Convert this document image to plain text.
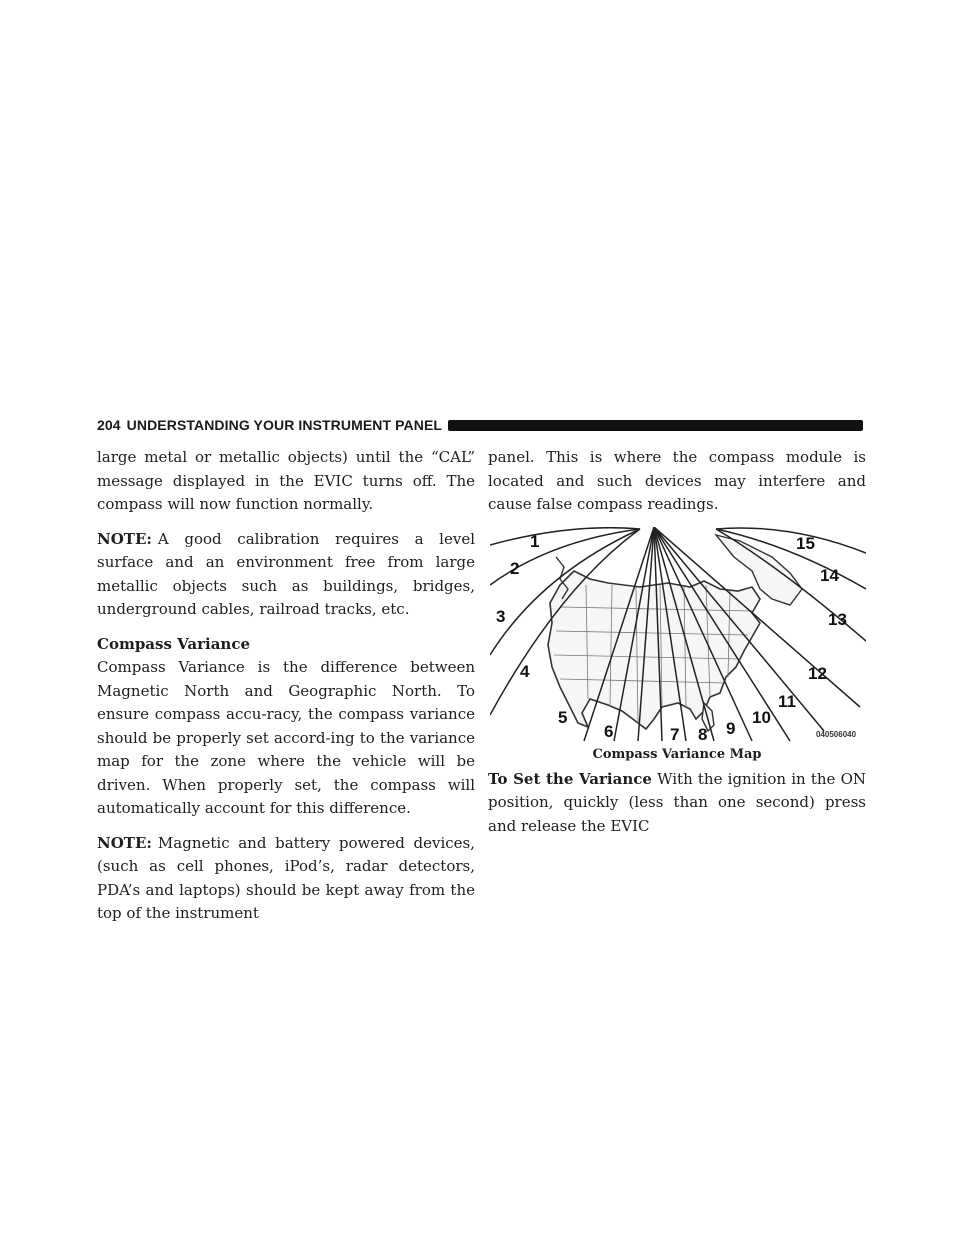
204 UNDERSTANDING YOUR INSTRUMENT PANEL

large metal or metallic objects) until the “CAL” message displayed in the EVIC turns off. The compass will now function normally.

NOTE: A good calibration requires a level surface and an environment free from large metallic objects such as buildings, bridges, underground cables, railroad tracks, etc.

Compass Variance

Compass Variance is the difference between Magnetic North and Geographic North. To ensure compass accu-racy, the compass variance should be properly set accord-ing to the variance map for the zone where the vehicle will be driven. When properly set, the compass will automatically account for this difference.

NOTE: Magnetic and battery powered devices, (such as cell phones, iPod’s, radar detectors, PDA’s and laptops) should be kept away from the top of the instrument

panel. This is where the compass module is located and such devices may interfere and cause false compass readings.

1
2
3
4
5
6	7 8 9
10
11
12
13
14
15
040506040
Compass Variance Map

To Set the Variance With the ignition in the ON position, quickly (less than one second) press and release the EVIC
